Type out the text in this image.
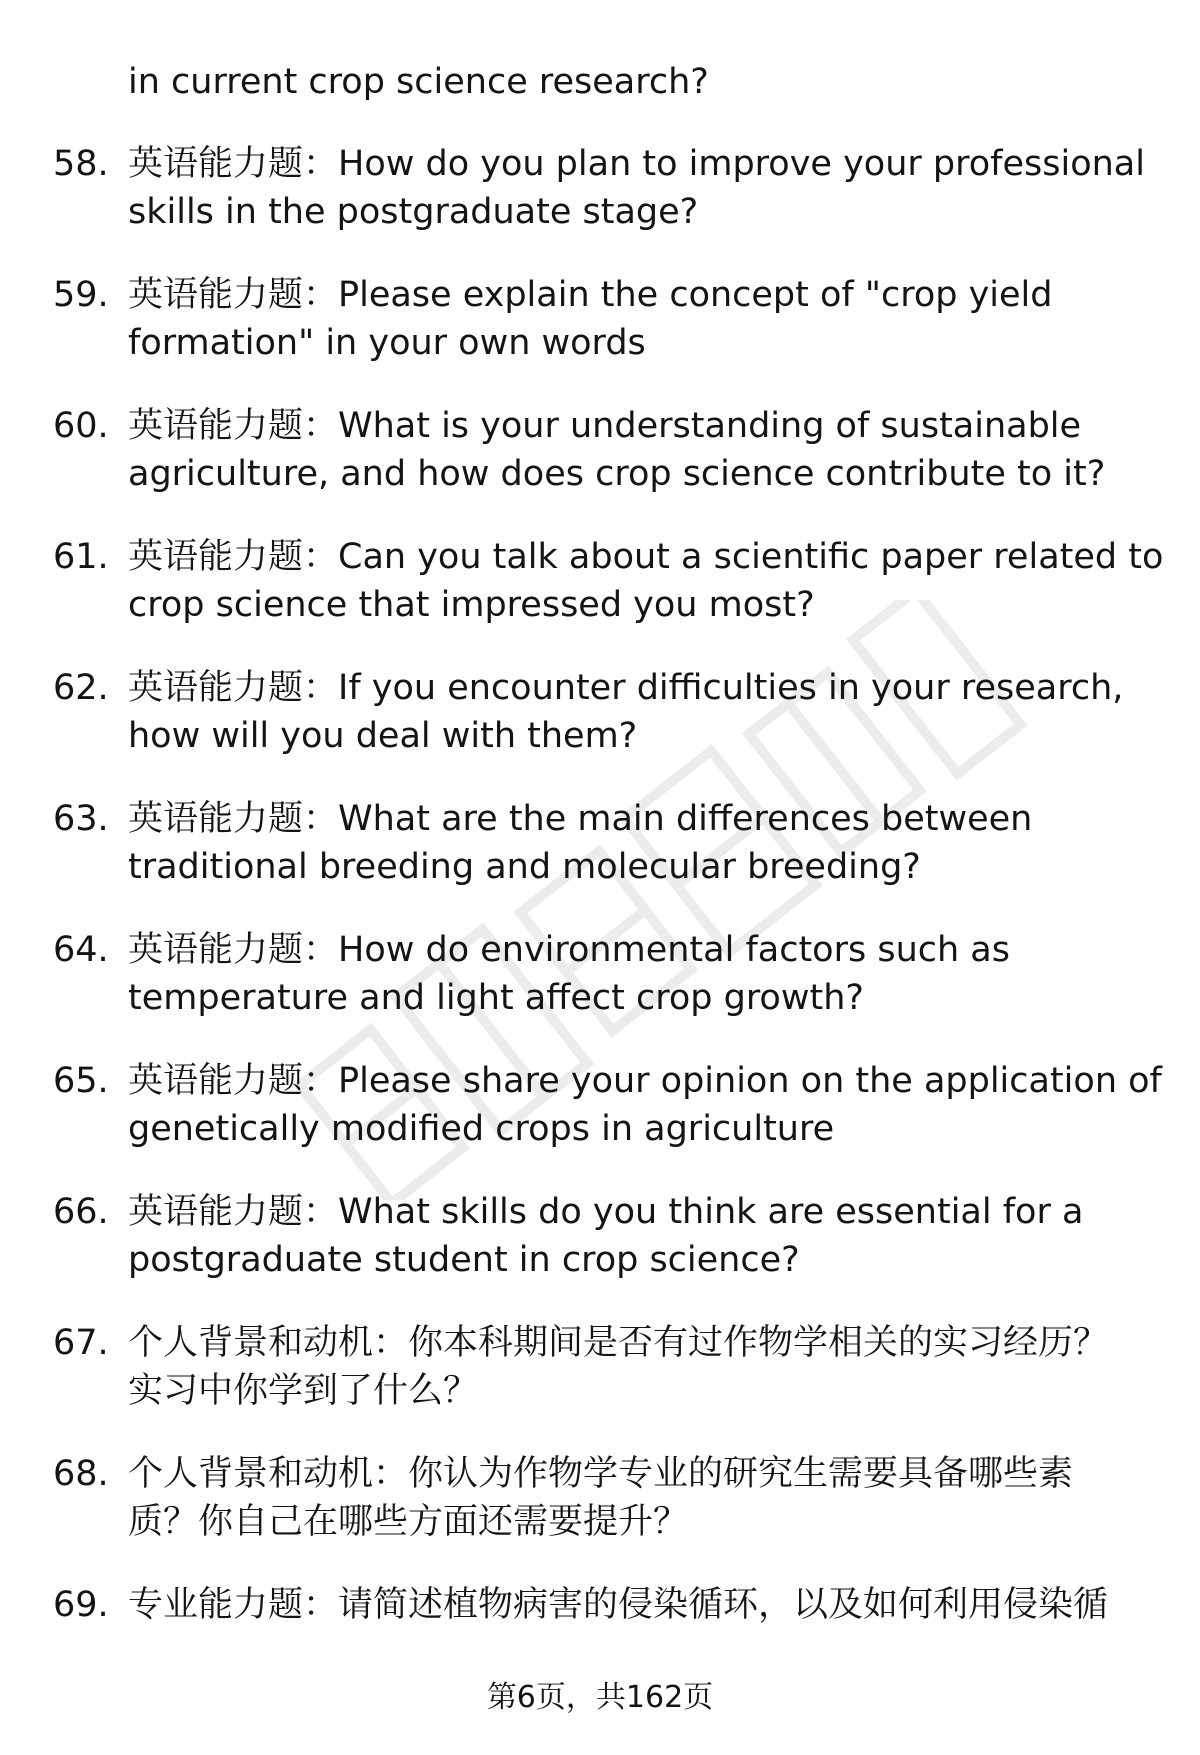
in current crop science research?
58. 英语能力题：How do you plan to improve your professional
skills in the postgraduate stage?
59. 英语能力题：Please explain the concept of "crop yield
formation" in your own words
60. 英语能力题：What is your understanding of sustainable
agriculture, and how does crop science contribute to it?
61. 英语能力题：Can you talk about a scientific paper related to
crop science that impressed you most?
62. 英语能力题：If you encounter difficulties in your research,
how will you deal with them?
63. 英语能力题：What are the main differences between
traditional breeding and molecular breeding?
64. 英语能力题：How do environmental factors such as
temperature and light affect crop growth?
65. 英语能力题：Please share your opinion on the application of
genetically modified crops in agriculture
66. 英语能力题：What skills do you think are essential for a
postgraduate student in crop science?
67. 个人背景和动机：你本科期间是否有过作物学相关的实习经历？
实习中你学到了什么？
68. 个人背景和动机：你认为作物学专业的研究生需要具备哪些素
质？你自己在哪些方面还需要提升？
69. 专业能力题：请简述植物病害的侵染循环，以及如何利用侵染循
第6页，共162页
